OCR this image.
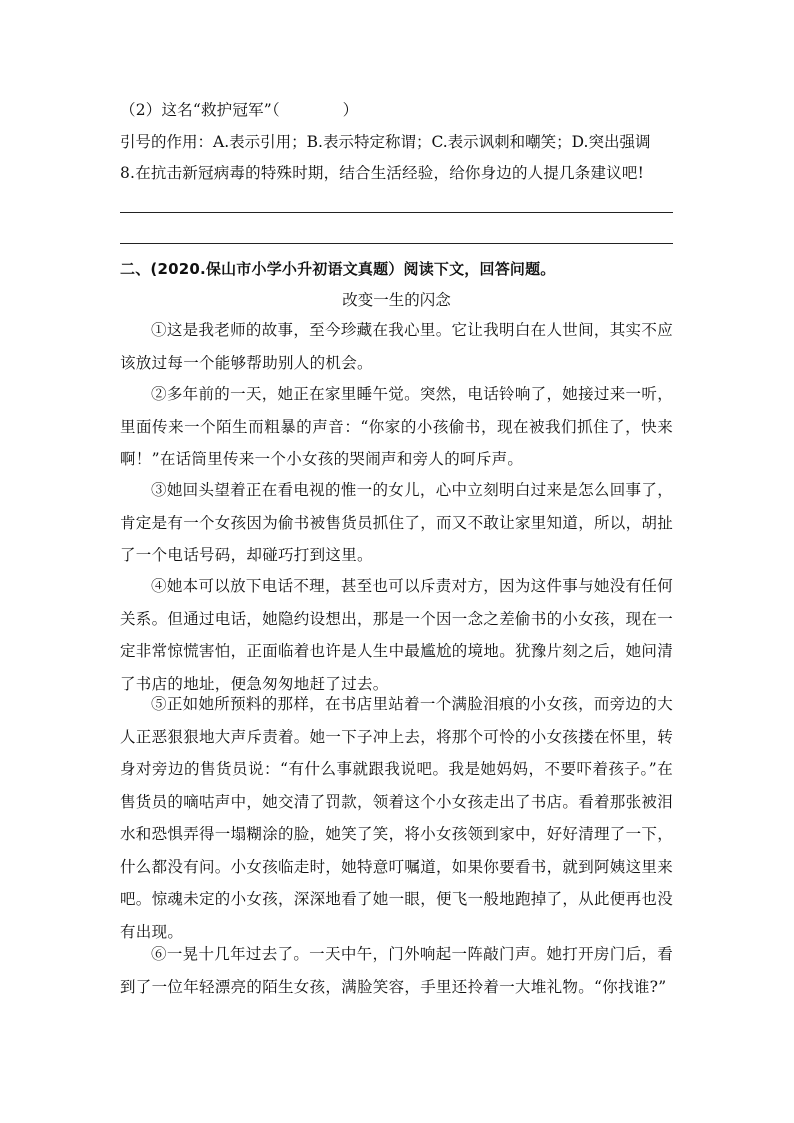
（2）这名“救护冠军”（　　　　）
引号的作用：A.表示引用；B.表示特定称谓；C.表示讽刺和嘲笑；D.突出强调
8.在抗击新冠病毒的特殊时期，结合生活经验，给你身边的人提几条建议吧!
二、(2020.保山市小学小升初语文真题）阅读下文，回答问题。
改变一生的闪念
①这是我老师的故事，至今珍藏在我心里。它让我明白在人世间，其实不应该放过每一个能够帮助别人的机会。
②多年前的一天，她正在家里睡午觉。突然，电话铃响了，她接过来一听，里面传来一个陌生而粗暴的声音：“你家的小孩偷书，现在被我们抓住了，快来啊！”在话筒里传来一个小女孩的哭闹声和旁人的呵斥声。
③她回头望着正在看电视的惟一的女儿，心中立刻明白过来是怎么回事了，肯定是有一个女孩因为偷书被售货员抓住了，而又不敢让家里知道，所以，胡扯了一个电话号码，却碰巧打到这里。
④她本可以放下电话不理，甚至也可以斥责对方，因为这件事与她没有任何关系。但通过电话，她隐约设想出，那是一个因一念之差偷书的小女孩，现在一定非常惊慌害怕，正面临着也许是人生中最尴尬的境地。犹豫片刻之后，她问清了书店的地址，便急匆匆地赶了过去。
⑤正如她所预料的那样，在书店里站着一个满脸泪痕的小女孩，而旁边的大人正恶狠狠地大声斥责着。她一下子冲上去，将那个可怜的小女孩搂在怀里，转身对旁边的售货员说：“有什么事就跟我说吧。我是她妈妈，不要吓着孩子。”在售货员的嘀咕声中，她交清了罚款，领着这个小女孩走出了书店。看着那张被泪水和恐惧弄得一塌糊涂的脸，她笑了笑，将小女孩领到家中，好好清理了一下，什么都没有问。小女孩临走时，她特意叮嘱道，如果你要看书，就到阿姨这里来吧。惊魂未定的小女孩，深深地看了她一眼，便飞一般地跑掉了，从此便再也没有出现。
⑥一晃十几年过去了。一天中午，门外响起一阵敲门声。她打开房门后，看到了一位年轻漂亮的陌生女孩，满脸笑容，手里还拎着一大堆礼物。“你找谁?”
